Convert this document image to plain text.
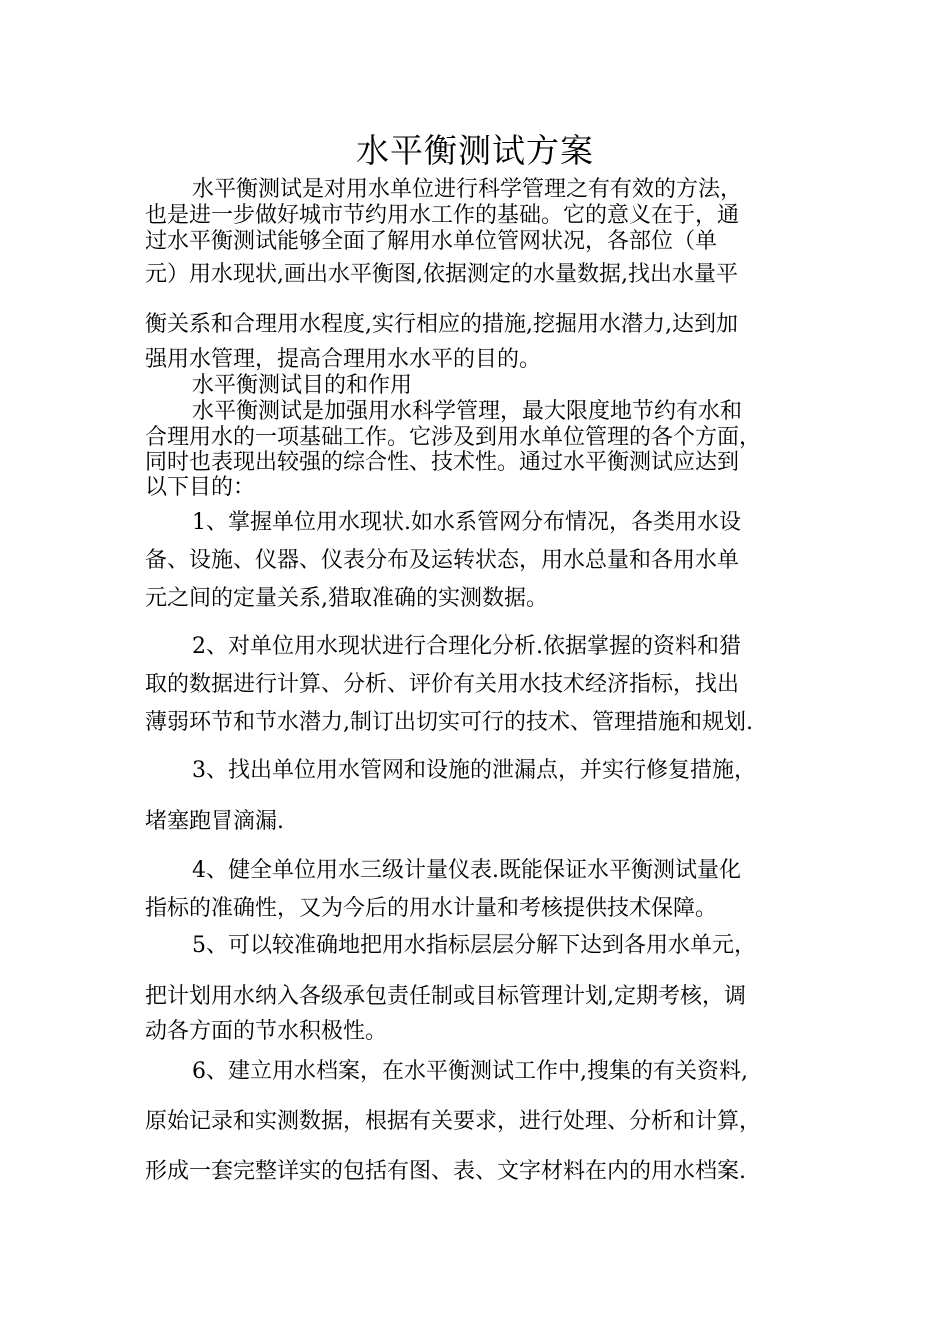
水平衡测试方案
水平衡测试是对用水单位进行科学管理之有有效的方法，
也是进一步做好城市节约用水工作的基础。它的意义在于，通
过水平衡测试能够全面了解用水单位管网状况，各部位（单
元）用水现状,画出水平衡图,依据测定的水量数据,找出水量平
衡关系和合理用水程度,实行相应的措施,挖掘用水潜力,达到加
强用水管理，提高合理用水水平的目的。
水平衡测试目的和作用
水平衡测试是加强用水科学管理，最大限度地节约有水和
合理用水的一项基础工作。它涉及到用水单位管理的各个方面，
同时也表现出较强的综合性、技术性。通过水平衡测试应达到
以下目的：
1、掌握单位用水现状.如水系管网分布情况，各类用水设
备、设施、仪器、仪表分布及运转状态，用水总量和各用水单
元之间的定量关系,猎取准确的实测数据。
2、对单位用水现状进行合理化分析.依据掌握的资料和猎
取的数据进行计算、分析、评价有关用水技术经济指标，找出
薄弱环节和节水潜力,制订出切实可行的技术、管理措施和规划.
3、找出单位用水管网和设施的泄漏点，并实行修复措施，
堵塞跑冒滴漏.
4、健全单位用水三级计量仪表.既能保证水平衡测试量化
指标的准确性，又为今后的用水计量和考核提供技术保障。
5、可以较准确地把用水指标层层分解下达到各用水单元，
把计划用水纳入各级承包责任制或目标管理计划,定期考核，调
动各方面的节水积极性。
6、建立用水档案，在水平衡测试工作中,搜集的有关资料,
原始记录和实测数据，根据有关要求，进行处理、分析和计算，
形成一套完整详实的包括有图、表、文字材料在内的用水档案.
